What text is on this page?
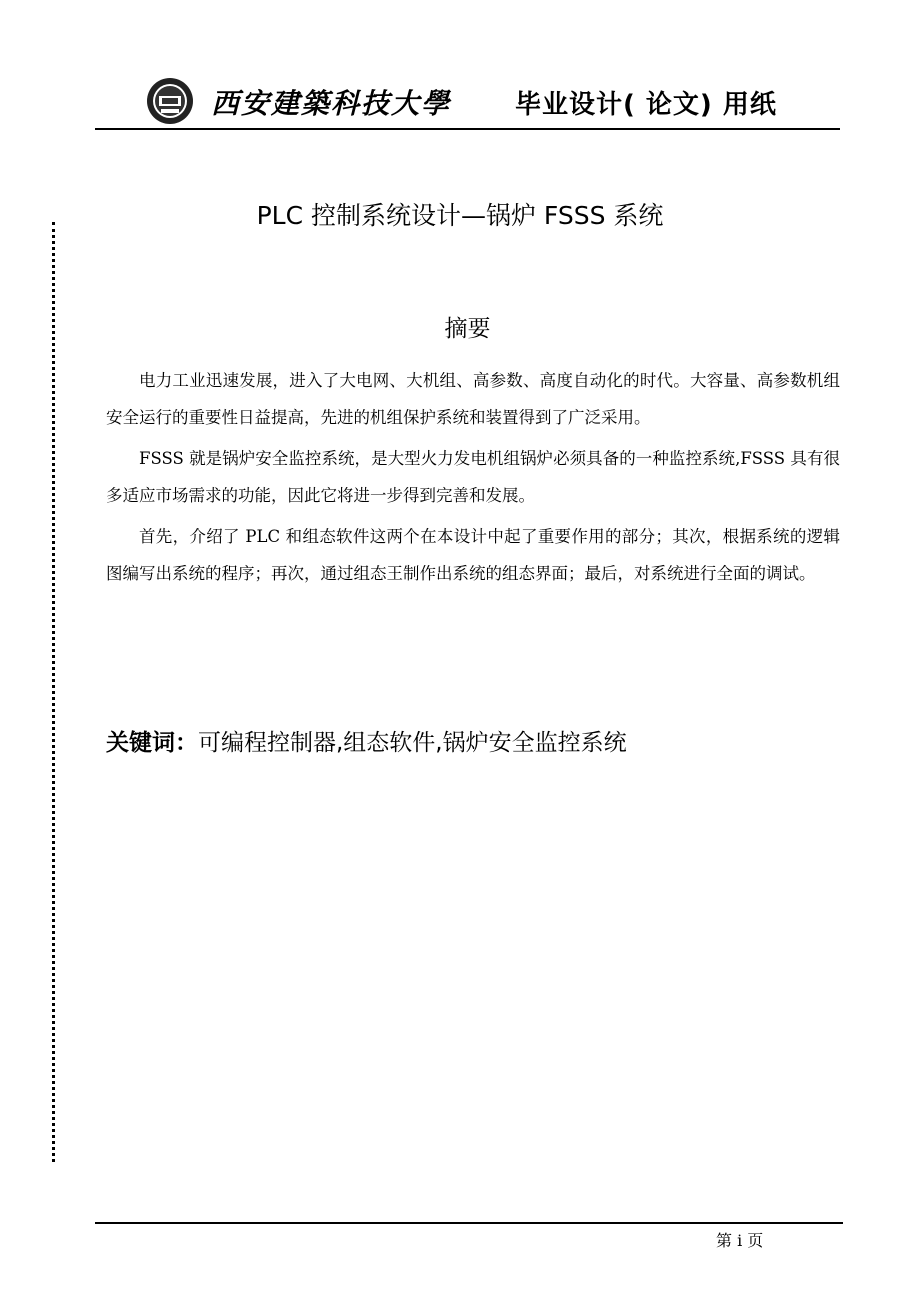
西安建築科技大學 毕业设计( 论文) 用纸
PLC 控制系统设计—锅炉 FSSS 系统
摘要

电力工业迅速发展，进入了大电网、大机组、高参数、高度自动化的时代。大容量、高参数机组安全运行的重要性日益提高，先进的机组保护系统和装置得到了广泛采用。

FSSS 就是锅炉安全监控系统，是大型火力发电机组锅炉必须具备的一种监控系统,FSSS 具有很多适应市场需求的功能，因此它将进一步得到完善和发展。

首先，介绍了 PLC 和组态软件这两个在本设计中起了重要作用的部分；其次，根据系统的逻辑图编写出系统的程序；再次，通过组态王制作出系统的组态界面；最后，对系统进行全面的调试。

关键词：可编程控制器,组态软件,锅炉安全监控系统
第 i 页
